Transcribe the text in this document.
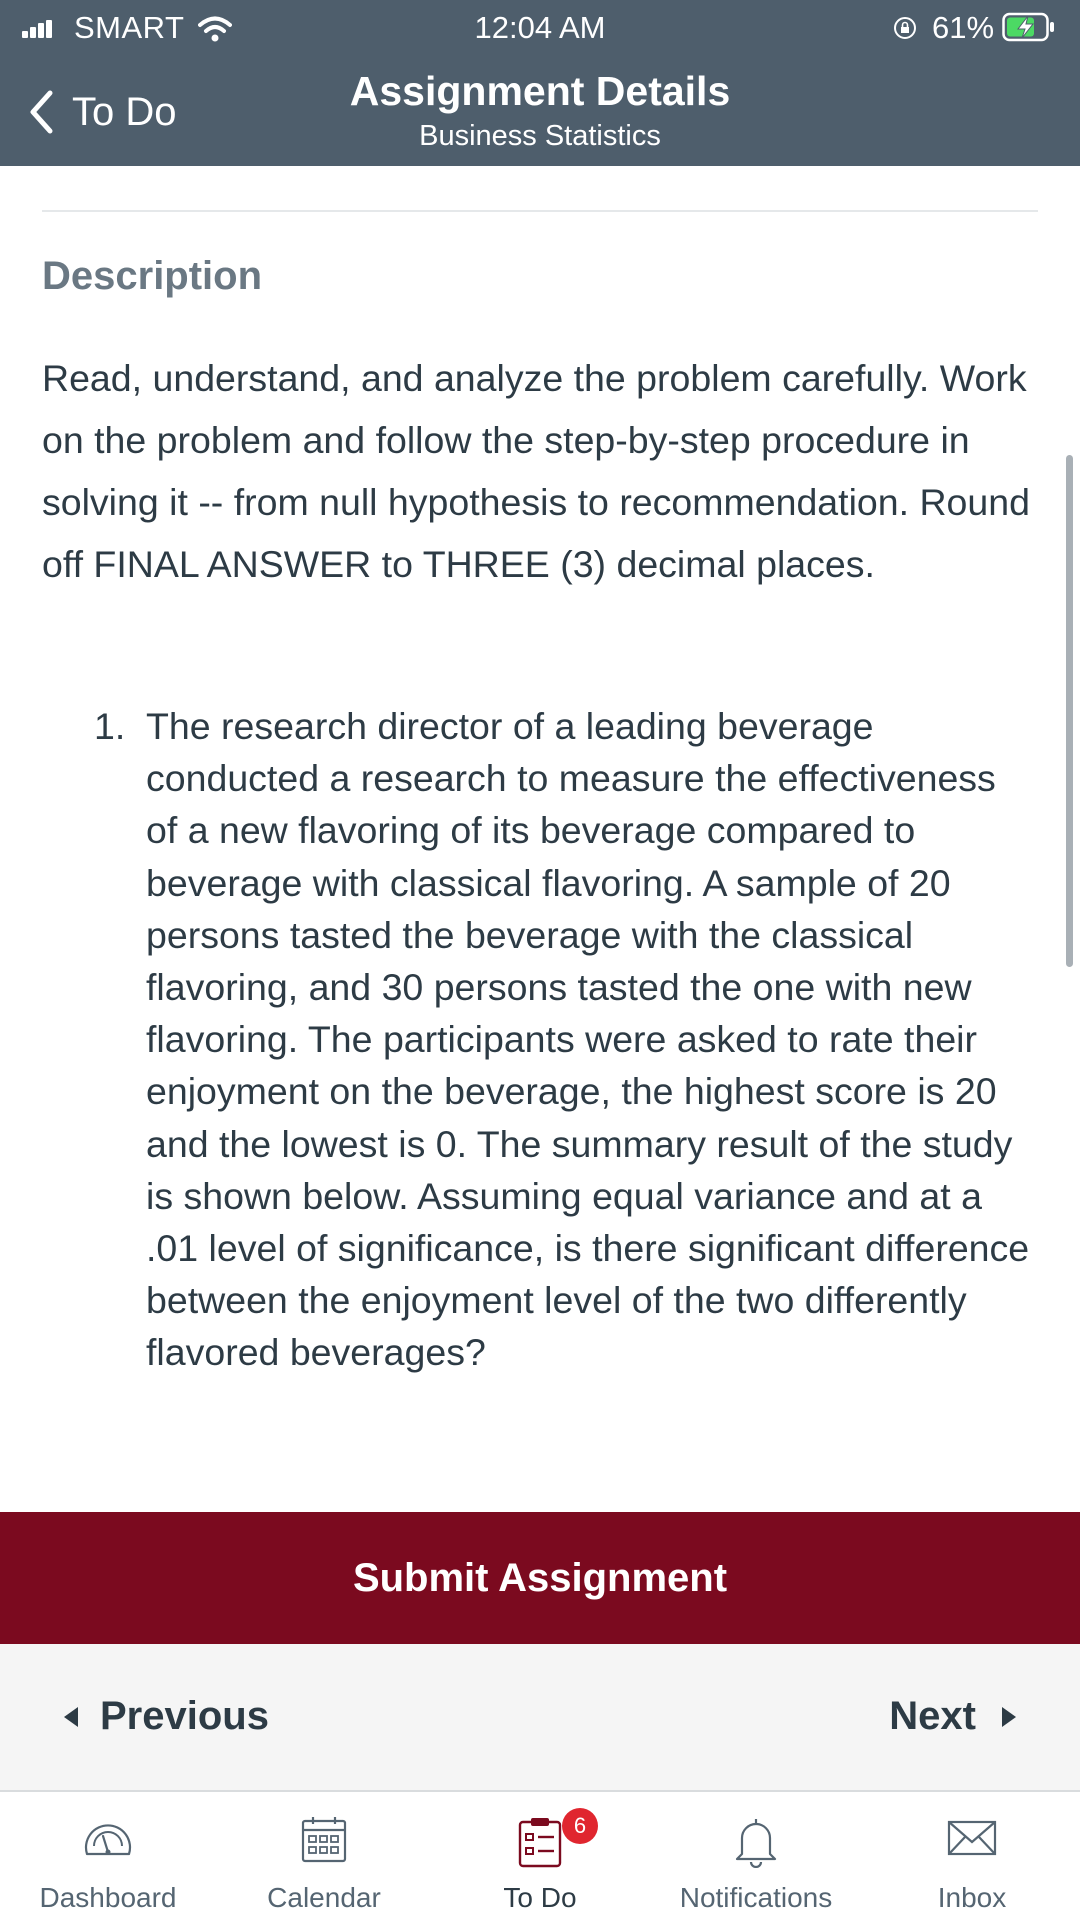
SMART	12:04 AM	61%
To Do	Assignment Details
Business Statistics
Description

Read, understand, and analyze the problem carefully. Work on the problem and follow the step-by-step procedure in solving it -- from null hypothesis to recommendation. Round off FINAL ANSWER to THREE (3) decimal places.

1. The research director of a leading beverage conducted a research to measure the effectiveness of a new flavoring of its beverage compared to beverage with classical flavoring. A sample of 20 persons tasted the beverage with the classical flavoring, and 30 persons tasted the one with new flavoring. The participants were asked to rate their enjoyment on the beverage, the highest score is 20 and the lowest is 0. The summary result of the study is shown below. Assuming equal variance and at a .01 level of significance, is there significant difference between the enjoyment level of the two differently flavored beverages?
Submit Assignment
Previous	Next
Dashboard	Calendar
6
To Do	Notifications	Inbox
